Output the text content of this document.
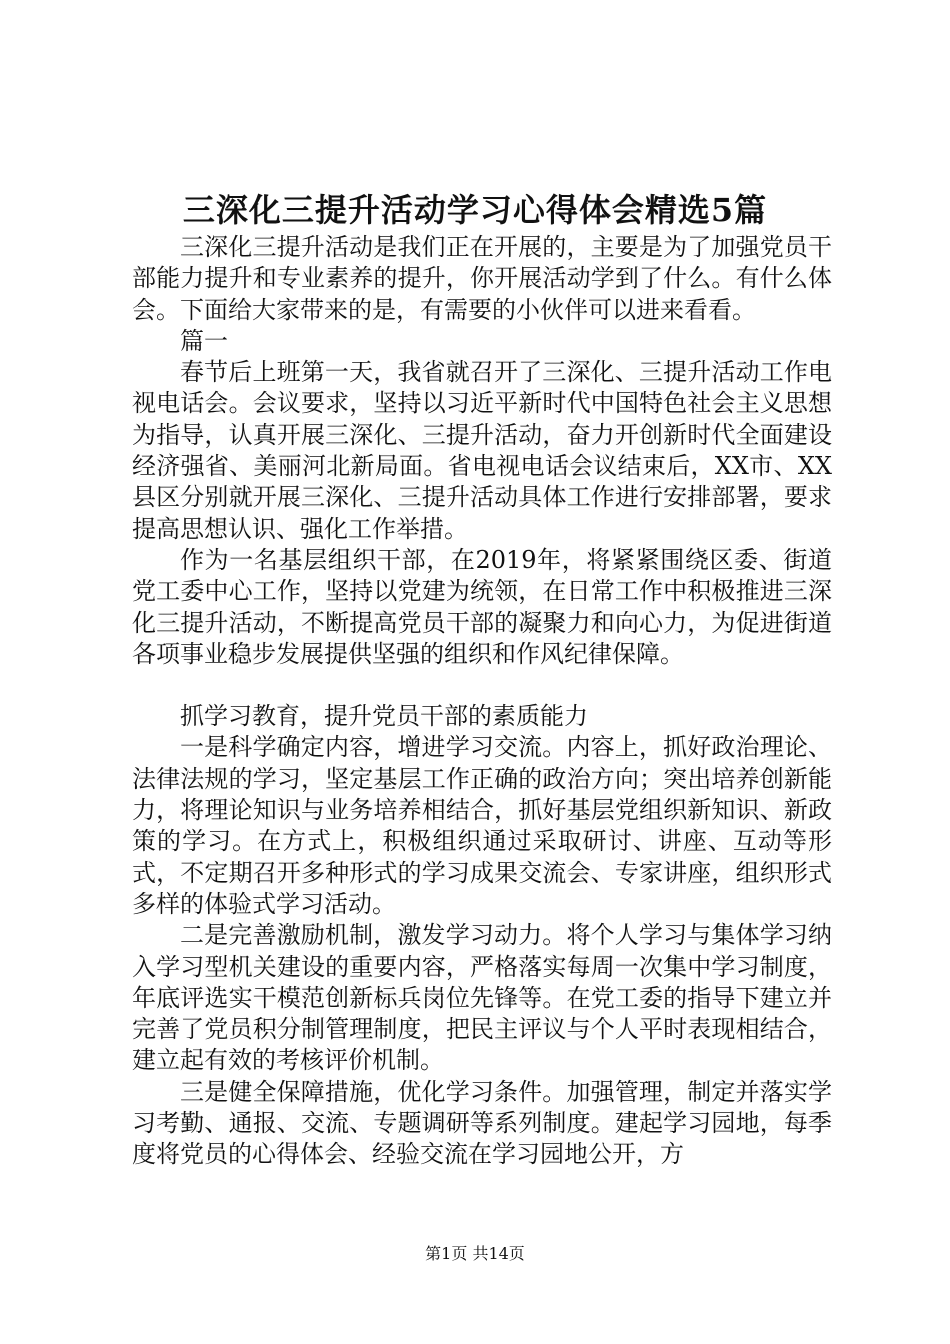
三深化三提升活动学习心得体会精选5篇

三深化三提升活动是我们正在开展的，主要是为了加强党员干部能力提升和专业素养的提升，你开展活动学到了什么。有什么体会。下面给大家带来的是，有需要的小伙伴可以进来看看。

篇一

春节后上班第一天，我省就召开了三深化、三提升活动工作电视电话会。会议要求，坚持以习近平新时代中国特色社会主义思想为指导，认真开展三深化、三提升活动，奋力开创新时代全面建设经济强省、美丽河北新局面。省电视电话会议结束后，XX市、XX县区分别就开展三深化、三提升活动具体工作进行安排部署，要求提高思想认识、强化工作举措。

作为一名基层组织干部，在2019年，将紧紧围绕区委、街道党工委中心工作，坚持以党建为统领，在日常工作中积极推进三深化三提升活动，不断提高党员干部的凝聚力和向心力，为促进街道各项事业稳步发展提供坚强的组织和作风纪律保障。

抓学习教育，提升党员干部的素质能力

一是科学确定内容，增进学习交流。内容上，抓好政治理论、法律法规的学习，坚定基层工作正确的政治方向；突出培养创新能力，将理论知识与业务培养相结合，抓好基层党组织新知识、新政策的学习。在方式上，积极组织通过采取研讨、讲座、互动等形式，不定期召开多种形式的学习成果交流会、专家讲座，组织形式多样的体验式学习活动。

二是完善激励机制，激发学习动力。将个人学习与集体学习纳入学习型机关建设的重要内容，严格落实每周一次集中学习制度，年底评选实干模范创新标兵岗位先锋等。在党工委的指导下建立并完善了党员积分制管理制度，把民主评议与个人平时表现相结合，建立起有效的考核评价机制。

三是健全保障措施，优化学习条件。加强管理，制定并落实学习考勤、通报、交流、专题调研等系列制度。建起学习园地，每季度将党员的心得体会、经验交流在学习园地公开，方

第1页 共14页
